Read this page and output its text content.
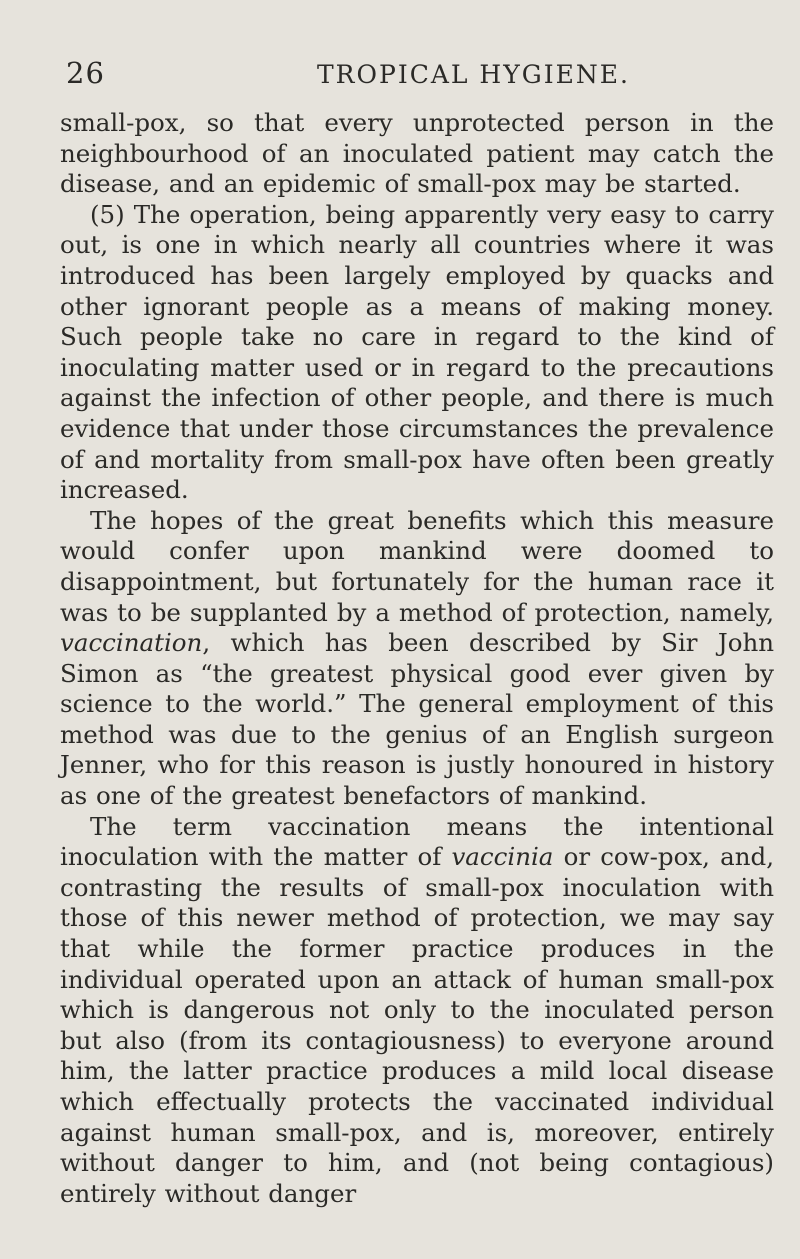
26	TROPICAL HYGIENE.

small-pox, so that every unprotected person in the neighbourhood of an inoculated patient may catch the disease, and an epidemic of small-pox may be started.

(5) The operation, being apparently very easy to carry out, is one in which nearly all countries where it was introduced has been largely employed by quacks and other ignorant people as a means of making money. Such people take no care in regard to the kind of inoculating matter used or in regard to the precautions against the infection of other people, and there is much evidence that under those circumstances the prevalence of and mortality from small-pox have often been greatly increased.

The hopes of the great benefits which this measure would confer upon mankind were doomed to disappointment, but fortunately for the human race it was to be supplanted by a method of protection, namely, vaccination, which has been described by Sir John Simon as “the greatest physical good ever given by science to the world.” The general employment of this method was due to the genius of an English surgeon Jenner, who for this reason is justly honoured in history as one of the greatest benefactors of mankind.

The term vaccination means the intentional inoculation with the matter of vaccinia or cow-pox, and, contrasting the results of small-pox inoculation with those of this newer method of protection, we may say that while the former practice produces in the individual operated upon an attack of human small-pox which is dangerous not only to the inoculated person but also (from its contagiousness) to everyone around him, the latter practice produces a mild local disease which effectually protects the vaccinated individual against human small-pox, and is, moreover, entirely without danger to him, and (not being contagious) entirely without danger
